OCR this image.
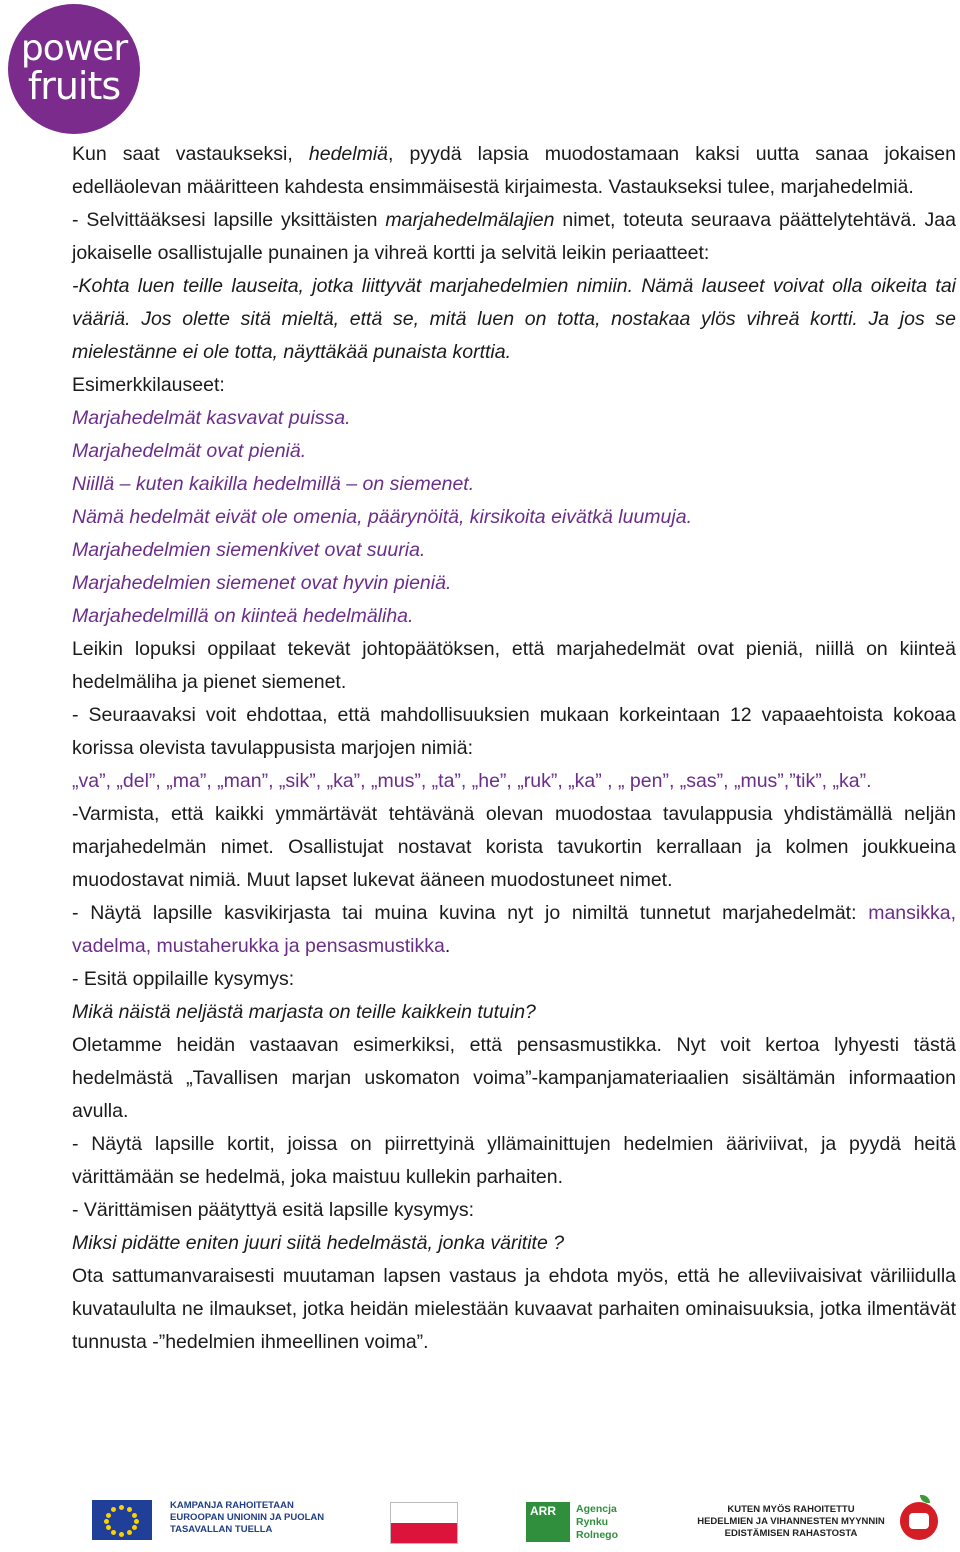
power
fruits

Kun saat vastaukseksi, hedelmiä, pyydä lapsia muodostamaan kaksi uutta sanaa jokaisen edelläolevan määritteen kahdesta ensimmäisestä kirjaimesta. Vastaukseksi tulee, marjahedelmiä.

- Selvittääksesi lapsille yksittäisten marjahedelmälajien nimet, toteuta seuraava päättelytehtävä. Jaa jokaiselle osallistujalle punainen ja vihreä kortti ja selvitä leikin periaatteet:

-Kohta luen teille lauseita, jotka liittyvät marjahedelmien nimiin. Nämä lauseet voivat olla oikeita tai vääriä. Jos olette sitä mieltä, että se, mitä luen on totta, nostakaa ylös vihreä kortti. Ja jos se mielestänne ei ole totta, näyttäkää punaista korttia.

Esimerkkilauseet:

Marjahedelmät kasvavat puissa.

Marjahedelmät ovat pieniä.

Niillä – kuten kaikilla hedelmillä – on siemenet.

Nämä hedelmät eivät ole omenia, päärynöitä, kirsikoita eivätkä luumuja.

Marjahedelmien siemenkivet ovat suuria.

Marjahedelmien siemenet ovat hyvin pieniä.

Marjahedelmillä on kiinteä hedelmäliha.

Leikin lopuksi oppilaat tekevät johtopäätöksen, että marjahedelmät ovat pieniä, niillä on kiinteä hedelmäliha ja pienet siemenet.

- Seuraavaksi voit ehdottaa, että mahdollisuuksien mukaan korkeintaan 12 vapaaehtoista kokoaa korissa olevista tavulappusista marjojen nimiä:

„va”, „del”, „ma”, „man”, „sik”, „ka”, „mus”, „ta”, „he”, „ruk”, „ka” , „ pen”, „sas”, „mus”,”tik”, „ka”.

-Varmista, että kaikki ymmärtävät tehtävänä olevan muodostaa tavulappusia yhdistämällä neljän marjahedelmän nimet. Osallistujat nostavat korista tavukortin kerrallaan ja kolmen joukkueina muodostavat nimiä. Muut lapset lukevat ääneen muodostuneet nimet.

- Näytä lapsille kasvikirjasta tai muina kuvina nyt jo nimiltä tunnetut marjahedelmät: mansikka, vadelma, mustaherukka ja pensasmustikka.

- Esitä oppilaille kysymys:

Mikä näistä neljästä marjasta on teille kaikkein tutuin?

Oletamme heidän vastaavan esimerkiksi, että pensasmustikka. Nyt voit kertoa lyhyesti tästä hedelmästä „Tavallisen marjan uskomaton voima”-kampanjamateriaalien sisältämän informaation avulla.

- Näytä lapsille kortit, joissa on piirrettyinä yllämainittujen hedelmien ääriviivat, ja pyydä heitä värittämään se hedelmä, joka maistuu kullekin parhaiten.

- Värittämisen päätyttyä esitä lapsille kysymys:

Miksi pidätte eniten juuri siitä hedelmästä, jonka väritite ?

Ota sattumanvaraisesti muutaman lapsen vastaus ja ehdota myös, että he alleviivaisivat väriliidulla kuvataululta ne ilmaukset, jotka heidän mielestään kuvaavat parhaiten ominaisuuksia, jotka ilmentävät tunnusta -”hedelmien ihmeellinen voima”.

KAMPANJA RAHOITETAAN
EUROOPAN UNIONIN JA PUOLAN
TASAVALLAN TUELLA
ARR Agencja
Rynku
Rolnego
KUTEN MYÖS RAHOITETTU
HEDELMIEN JA VIHANNESTEN MYYNNIN
EDISTÄMISEN RAHASTOSTA
